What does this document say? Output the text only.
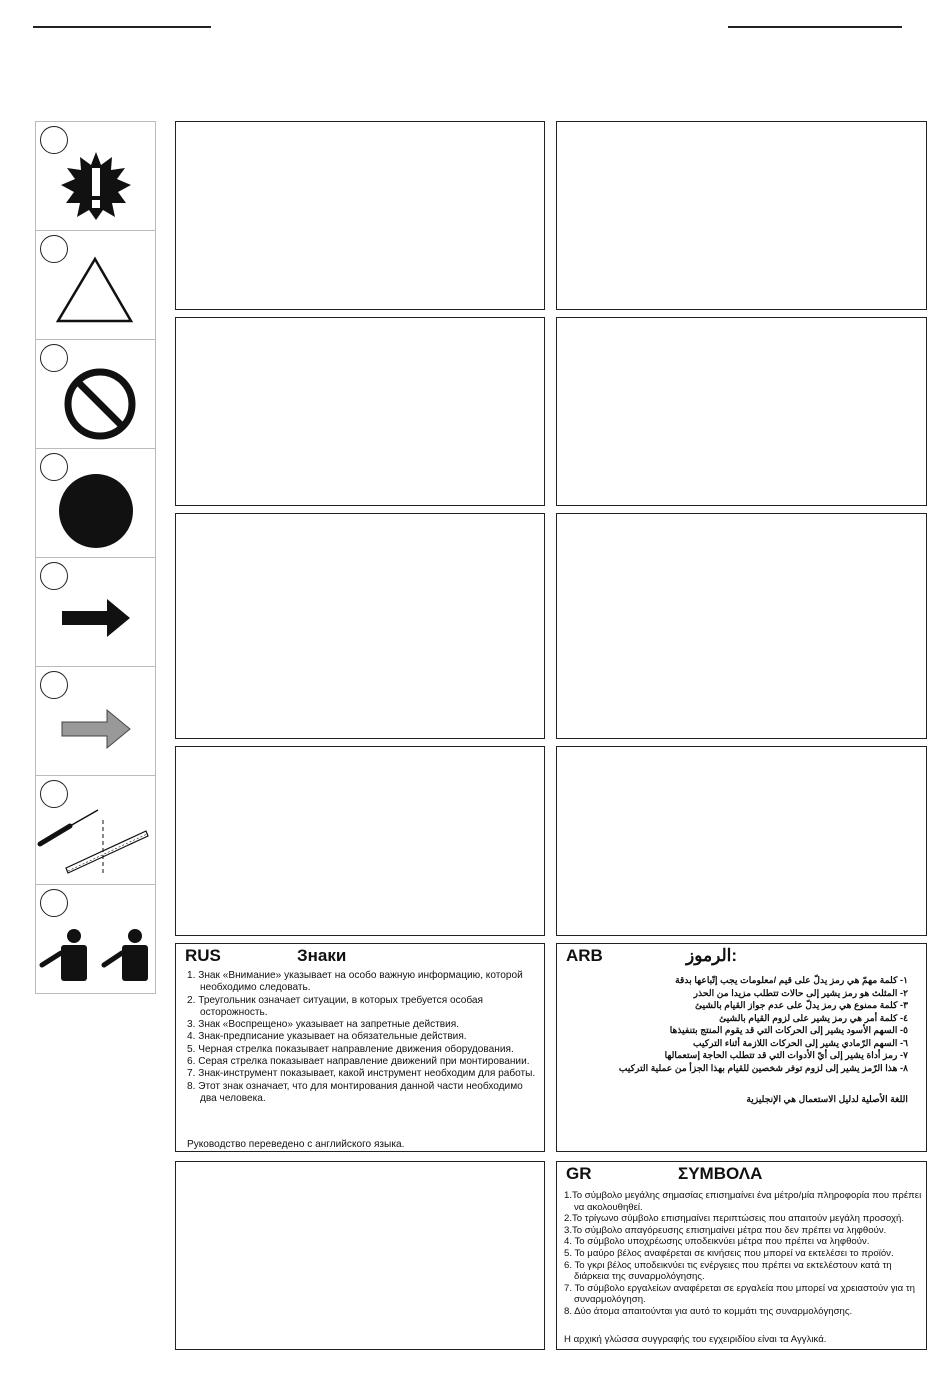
RUS	Знаки
1. Знак «Внимание» указывает на особо важную информацию, которой необходимо следовать.
2. Треугольник означает ситуации, в которых требуется особая осторожность.
3. Знак «Воспрещено» указывает на запретные действия.
4. Знак-предписание указывает на обязательные действия.
5. Черная стрелка показывает направление движения оборудования.
6. Серая стрелка показывает направление движений при монтировании.
7. Знак-инструмент показывает, какой инструмент необходим для работы.
8. Этот знак означает, что для монтирования данной части необходимо два человека.
Руководство переведено с английского языка.
ARB	الرموز:
١- كلمة مهمّ هي رمز يدلّ على قيم /معلومات يجب إتّباعها بدقة
٢- المثلث هو رمز يشير إلى حالات تتطلب مزيدا من الحذر
٣- كلمة ممنوع هي رمز يدلّ على عدم جواز القيام بالشيئ
٤- كلمة أمر هي رمز يشير على لزوم القيام بالشيئ
٥- السهم الأسود يشير إلى الحركات التي قد يقوم المنتج بتنفيذها
٦- السهم الرّمادي يشير إلى الحركات اللازمة أثناء التركيب
٧- رمز أداة يشير إلى أيّ الأدوات التي قد تتطلب الحاجة إستعمالها
٨- هذا الرّمز يشير إلى لزوم توفر شخصين للقيام بهذا الجزأ من عملية التركيب
اللغة الأصلية لدليل الاستعمال هي الإنجليزية
GR	ΣΥΜΒΟΛΑ
1.Το σύμβολο μεγάλης σημασίας επισημαίνει ένα μέτρο/μία πληροφορία που πρέπει να ακολουθηθεί.
2.Το τρίγωνο σύμβολο επισημαίνει περιπτώσεις που απαιτούν μεγάλη προσοχή.
3.Το σύμβολο απαγόρευσης επισημαίνει μέτρα που δεν πρέπει να ληφθούν.
4. Το σύμβολο υποχρέωσης υποδεικνύει μέτρα που πρέπει να ληφθούν.
5. Το μαύρο βέλος αναφέρεται σε κινήσεις που μπορεί να εκτελέσει το προϊόν.
6. Το γκρι βέλος υποδεικνύει τις ενέργειες που πρέπει να εκτελέστουν κατά τη διάρκεια της συναρμολόγησης.
7. Το σύμβολο εργαλείων αναφέρεται σε εργαλεία που μπορεί να χρειαστούν για τη συναρμολόγηση.
8. Δύο άτομα απαιτούνται για αυτό το κομμάτι της συναρμολόγησης.
Η αρχική γλώσσα συγγραφής του εγχειριδίου είναι τα Αγγλικά.
